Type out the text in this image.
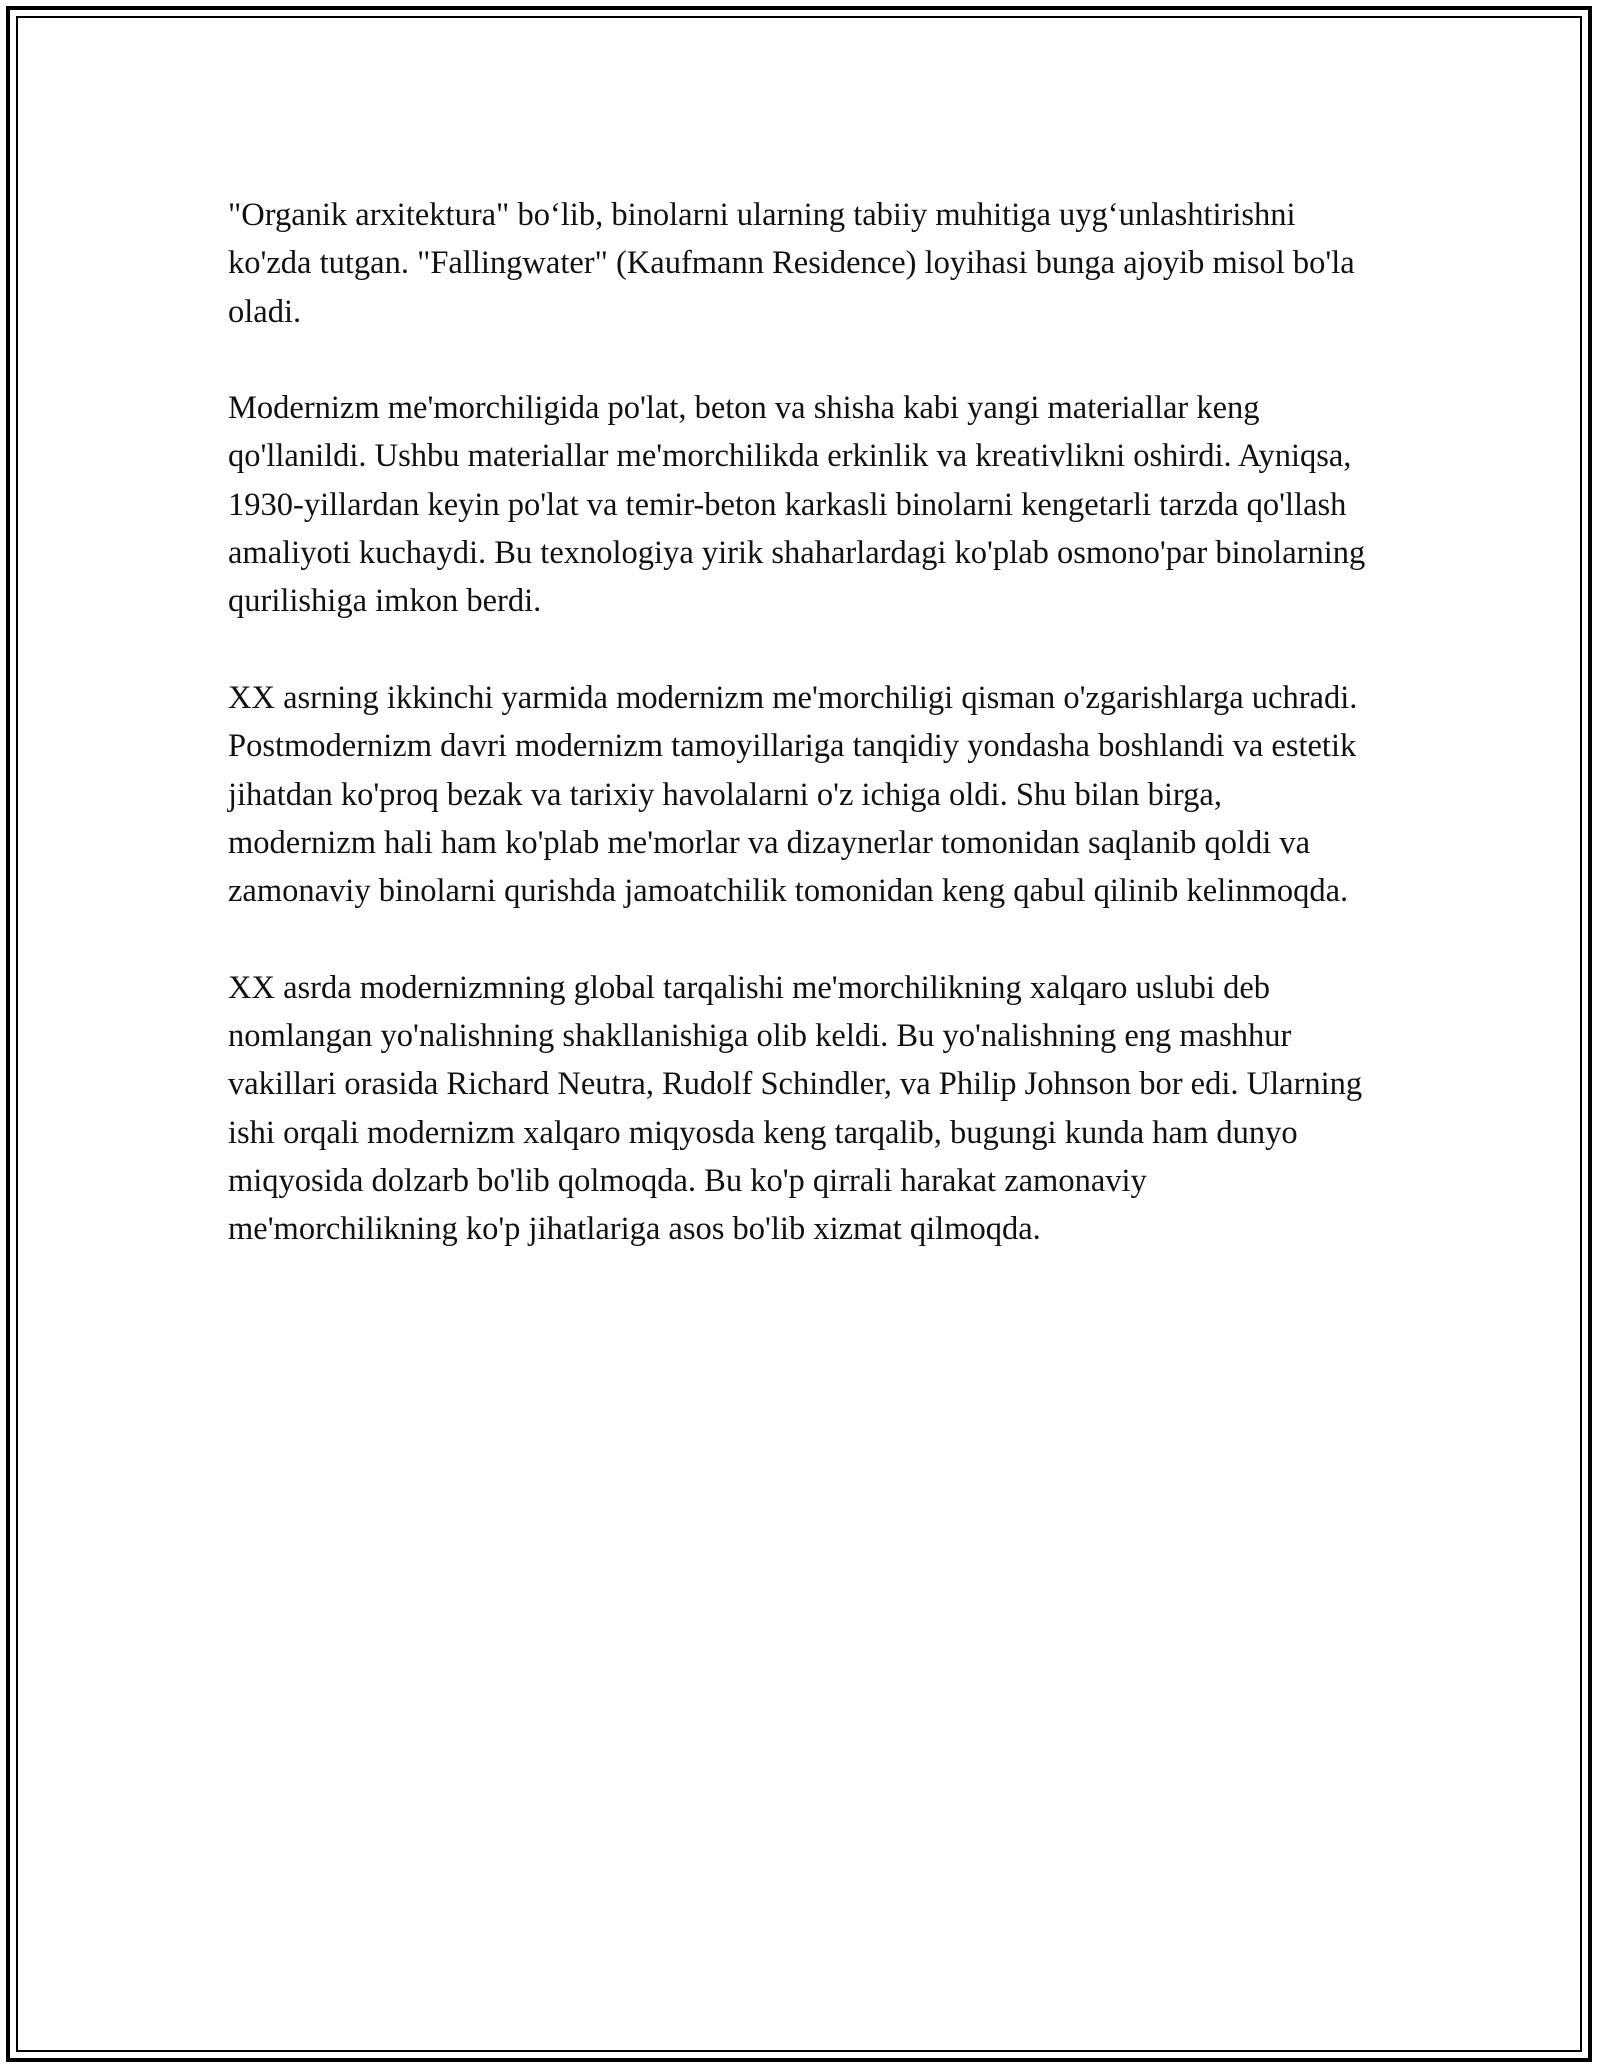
"Organik arxitektura" bo‘lib, binolarni ularning tabiiy muhitiga uyg‘unlashtirishni ko'zda tutgan. "Fallingwater" (Kaufmann Residence) loyihasi bunga ajoyib misol bo'la oladi.

Modernizm me'morchiligida po'lat, beton va shisha kabi yangi materiallar keng qo'llanildi. Ushbu materiallar me'morchilikda erkinlik va kreativlikni oshirdi. Ayniqsa, 1930-yillardan keyin po'lat va temir-beton karkasli binolarni kengetarli tarzda qo'llash amaliyoti kuchaydi. Bu texnologiya yirik shaharlardagi ko'plab osmono'par binolarning qurilishiga imkon berdi.

XX asrning ikkinchi yarmida modernizm me'morchiligi qisman o'zgarishlarga uchradi. Postmodernizm davri modernizm tamoyillariga tanqidiy yondasha boshlandi va estetik jihatdan ko'proq bezak va tarixiy havolalarni o'z ichiga oldi. Shu bilan birga, modernizm hali ham ko'plab me'morlar va dizaynerlar tomonidan saqlanib qoldi va zamonaviy binolarni qurishda jamoatchilik tomonidan keng qabul qilinib kelinmoqda.

XX asrda modernizmning global tarqalishi me'morchilikning xalqaro uslubi deb nomlangan yo'nalishning shakllanishiga olib keldi. Bu yo'nalishning eng mashhur vakillari orasida Richard Neutra, Rudolf Schindler, va Philip Johnson bor edi. Ularning ishi orqali modernizm xalqaro miqyosda keng tarqalib, bugungi kunda ham dunyo miqyosida dolzarb bo'lib qolmoqda. Bu ko'p qirrali harakat zamonaviy me'morchilikning ko'p jihatlariga asos bo'lib xizmat qilmoqda.
